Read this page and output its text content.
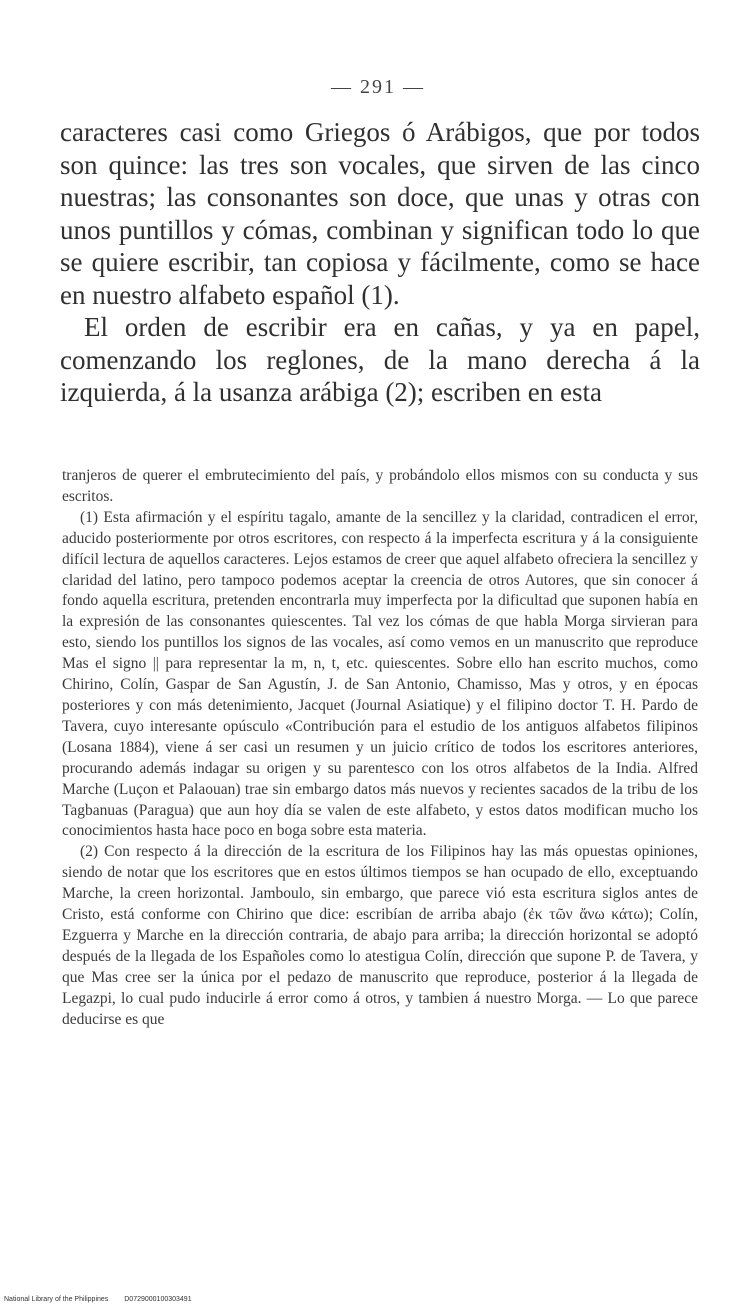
— 291 —

caracteres casi como Griegos ó Arábigos, que por todos son quince: las tres son vocales, que sirven de las cinco nuestras; las consonantes son doce, que unas y otras con unos puntillos y cómas, combinan y significan todo lo que se quiere escribir, tan copiosa y fácilmente, como se hace en nuestro alfabeto español (1).

El orden de escribir era en cañas, y ya en papel, comenzando los reglones, de la mano derecha á la izquierda, á la usanza arábiga (2); escriben en esta

tranjeros de querer el embrutecimiento del país, y probándolo ellos mismos con su conducta y sus escritos.

(1) Esta afirmación y el espíritu tagalo, amante de la sencillez y la claridad, contradicen el error, aducido posteriormente por otros escritores, con respecto á la imperfecta escritura y á la consiguiente difícil lectura de aquellos caracteres. Lejos estamos de creer que aquel alfabeto ofreciera la sencillez y claridad del latino, pero tampoco podemos aceptar la creencia de otros Autores, que sin conocer á fondo aquella escritura, pretenden encontrarla muy imperfecta por la dificultad que suponen había en la expresión de las consonantes quiescentes. Tal vez los cómas de que habla Morga sirvieran para esto, siendo los puntillos los signos de las vocales, así como vemos en un manuscrito que reproduce Mas el signo || para representar la m, n, t, etc. quiescentes. Sobre ello han escrito muchos, como Chirino, Colín, Gaspar de San Agustín, J. de San Antonio, Chamisso, Mas y otros, y en épocas posteriores y con más detenimiento, Jacquet (Journal Asiatique) y el filipino doctor T. H. Pardo de Tavera, cuyo interesante opúsculo «Contribución para el estudio de los antiguos alfabetos filipinos (Losana 1884), viene á ser casi un resumen y un juicio crítico de todos los escritores anteriores, procurando además indagar su origen y su parentesco con los otros alfabetos de la India. Alfred Marche (Luçon et Palaouan) trae sin embargo datos más nuevos y recientes sacados de la tribu de los Tagbanuas (Paragua) que aun hoy día se valen de este alfabeto, y estos datos modifican mucho los conocimientos hasta hace poco en boga sobre esta materia.

(2) Con respecto á la dirección de la escritura de los Filipinos hay las más opuestas opiniones, siendo de notar que los escritores que en estos últimos tiempos se han ocupado de ello, exceptuando Marche, la creen horizontal. Jamboulo, sin embargo, que parece vió esta escritura siglos antes de Cristo, está conforme con Chirino que dice: escribían de arriba abajo (ἐκ τῶν ἄνω κάτω); Colín, Ezguerra y Marche en la dirección contraria, de abajo para arriba; la dirección horizontal se adoptó después de la llegada de los Españoles como lo atestigua Colín, dirección que supone P. de Tavera, y que Mas cree ser la única por el pedazo de manuscrito que reproduce, posterior á la llegada de Legazpi, lo cual pudo inducirle á error como á otros, y tambien á nuestro Morga. — Lo que parece deducirse es que

National Library of the Philippines D0729000100303491
